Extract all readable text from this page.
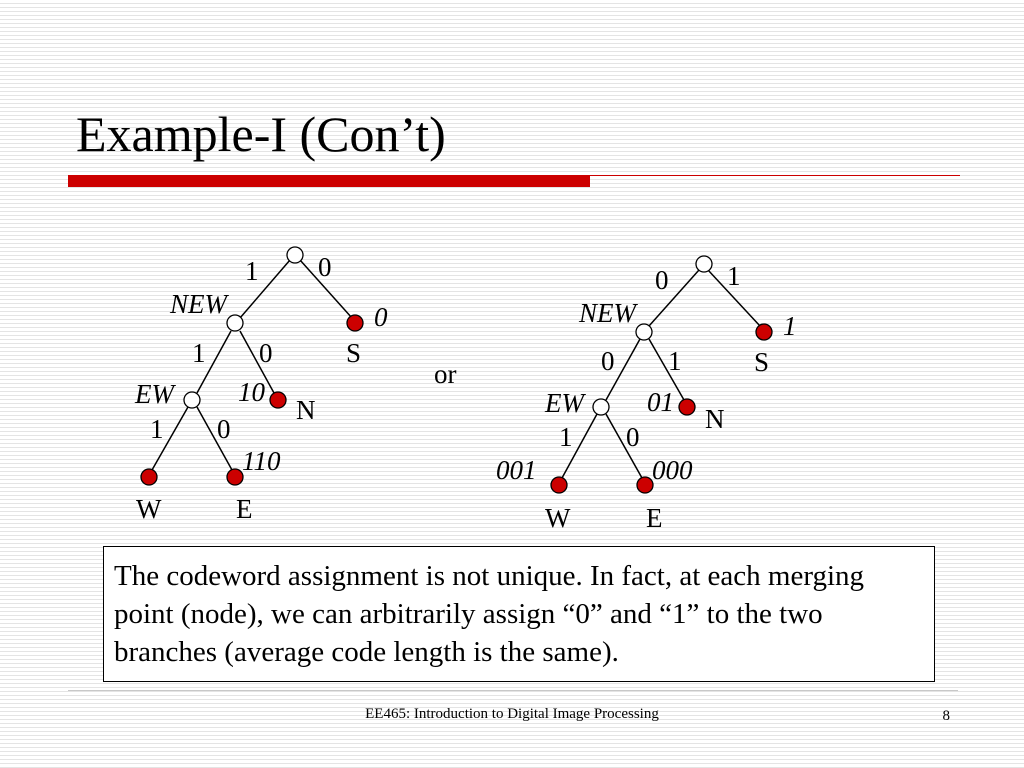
Example-I (Con’t)
1 0
S
1 0
N
1 0
W	E
NEW	0
EW 10
110
or
0 1
S
0 1
N
1 0
W	E
NEW	1
EW 01
001	000
The codeword assignment is not unique. In fact, at each merging point (node), we can arbitrarily assign “0” and “1” to the two branches (average code length is the same).
EE465: Introduction to Digital Image Processing	8
